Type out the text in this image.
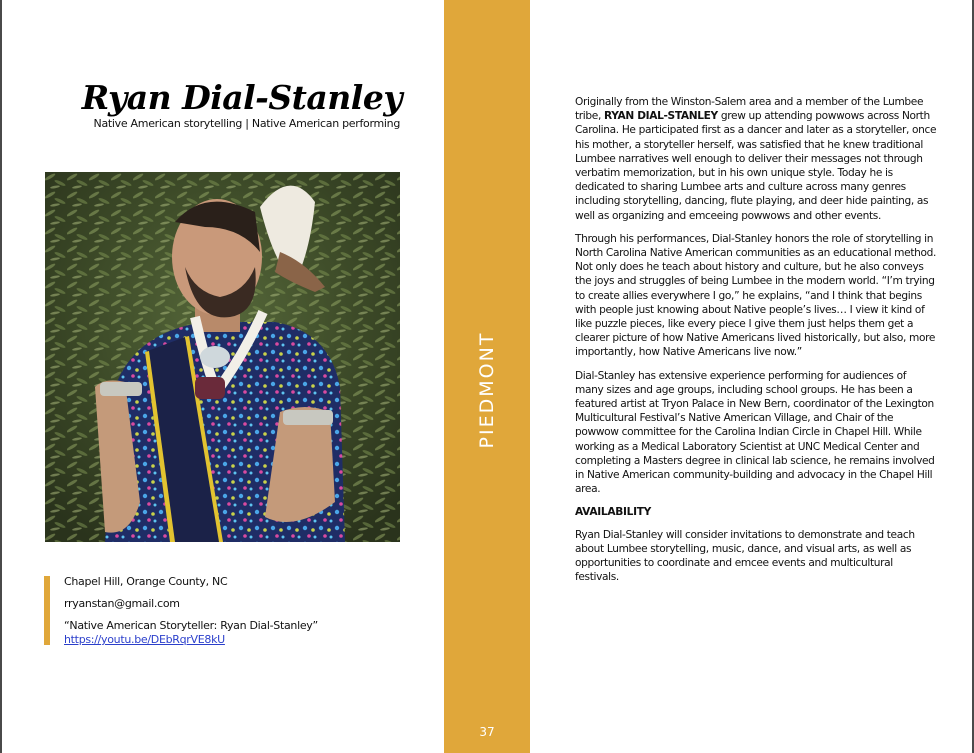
Ryan Dial-Stanley
Native American storytelling | Native American performing
Chapel Hill, Orange County, NC
rryanstan@gmail.com
“Native American Storyteller: Ryan Dial-Stanley”
https://youtu.be/DEbRqrVE8kU
PIEDMONT
37

Originally from the Winston-Salem area and a member of the Lumbee tribe, RYAN DIAL-STANLEY grew up attending powwows across North Carolina. He participated first as a dancer and later as a storyteller, once his mother, a storyteller herself, was satisfied that he knew traditional Lumbee narratives well enough to deliver their messages not through verbatim memorization, but in his own unique style. Today he is dedicated to sharing Lumbee arts and culture across many genres including storytelling, dancing, flute playing, and deer hide painting, as well as organizing and emceeing powwows and other events.

Through his performances, Dial-Stanley honors the role of storytelling in North Carolina Native American communities as an educational method. Not only does he teach about history and culture, but he also conveys the joys and struggles of being Lumbee in the modern world. “I’m trying to create allies everywhere I go,” he explains, “and I think that begins with people just knowing about Native people’s lives… I view it kind of like puzzle pieces, like every piece I give them just helps them get a clearer picture of how Native Americans lived historically, but also, more importantly, how Native Americans live now.”

Dial-Stanley has extensive experience performing for audiences of many sizes and age groups, including school groups. He has been a featured artist at Tryon Palace in New Bern, coordinator of the Lexington Multicultural Festival’s Native American Village, and Chair of the powwow committee for the Carolina Indian Circle in Chapel Hill. While working as a Medical Laboratory Scientist at UNC Medical Center and completing a Masters degree in clinical lab science, he remains involved in Native American community-building and advocacy in the Chapel Hill area.

AVAILABILITY

Ryan Dial-Stanley will consider invitations to demonstrate and teach about Lumbee storytelling, music, dance, and visual arts, as well as opportunities to coordinate and emcee events and multicultural festivals.
